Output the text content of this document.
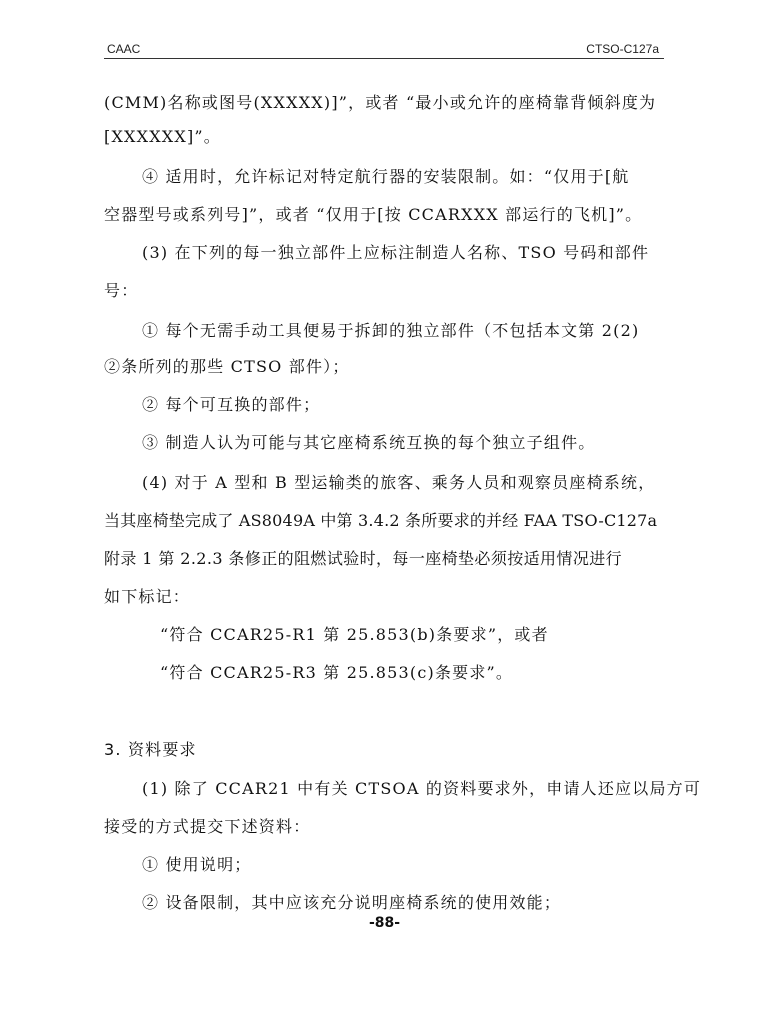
CAAC	CTSO-C127a
(CMM)名称或图号(XXXXX)]”，或者 “最小或允许的座椅靠背倾斜度为
[XXXXXX]”。
④ 适用时，允许标记对特定航行器的安装限制。如：“仅用于[航
空器型号或系列号]”，或者 “仅用于[按 CCARXXX 部运行的飞机]”。
(3) 在下列的每一独立部件上应标注制造人名称、TSO 号码和部件
号：
① 每个无需手动工具便易于拆卸的独立部件（不包括本文第 2(2)
②条所列的那些 CTSO 部件）；
② 每个可互换的部件；
③ 制造人认为可能与其它座椅系统互换的每个独立子组件。
(4) 对于 A 型和 B 型运输类的旅客、乘务人员和观察员座椅系统，
当其座椅垫完成了 AS8049A 中第 3.4.2 条所要求的并经 FAA TSO-C127a
附录 1 第 2.2.3 条修正的阻燃试验时，每一座椅垫必须按适用情况进行
如下标记：
“符合 CCAR25-R1 第 25.853(b)条要求”，或者
“符合 CCAR25-R3 第 25.853(c)条要求”。
3. 资料要求
(1) 除了 CCAR21 中有关 CTSOA 的资料要求外，申请人还应以局方可
接受的方式提交下述资料：
① 使用说明；
② 设备限制，其中应该充分说明座椅系统的使用效能；
-88-
